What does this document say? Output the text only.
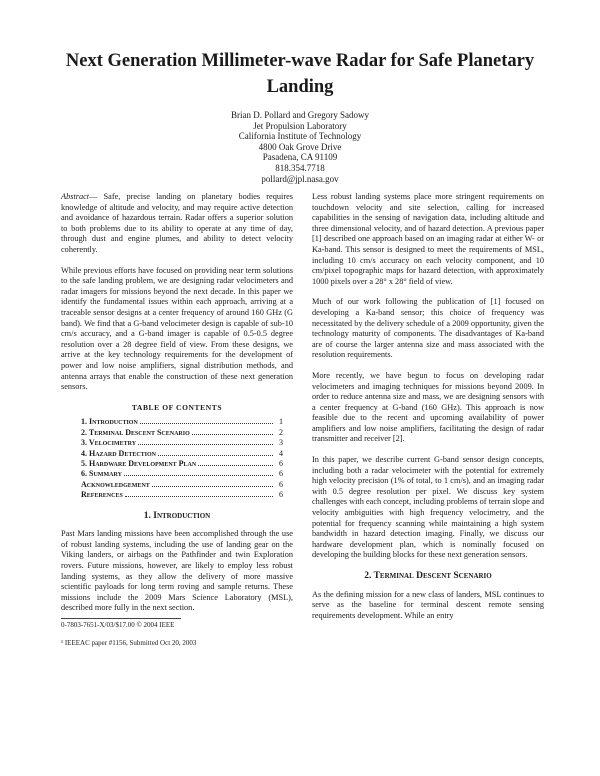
Next Generation Millimeter-wave Radar for Safe Planetary Landing
Brian D. Pollard and Gregory Sadowy
Jet Propulsion Laboratory
California Institute of Technology
4800 Oak Grove Drive
Pasadena, CA 91109
818.354.7718
pollard@jpl.nasa.gov

Abstract— Safe, precise landing on planetary bodies requires knowledge of altitude and velocity, and may require active detection and avoidance of hazardous terrain. Radar offers a superior solution to both problems due to its ability to operate at any time of day, through dust and engine plumes, and ability to detect velocity coherently.

While previous efforts have focused on providing near term solutions to the safe landing problem, we are designing radar velocimeters and radar imagers for missions beyond the next decade. In this paper we identify the fundamental issues within each approach, arriving at a traceable sensor designs at a center frequency of around 160 GHz (G band). We find that a G-band velocimeter design is capable of sub-10 cm/s accuracy, and a G-band imager is capable of 0.5-0.5 degree resolution over a 28 degree field of view. From these designs, we arrive at the key technology requirements for the development of power and low noise amplifiers, signal distribution methods, and antenna arrays that enable the construction of these next generation sensors.

TABLE OF CONTENTS
1. Introduction	1
2. Terminal Descent Scenario	2
3. Velocimetry	3
4. Hazard Detection	4
5. Hardware Development Plan	6
6. Summary	6
Acknowledgement	6
References	6
1. Introduction

Past Mars landing missions have been accomplished through the use of robust landing systems, including the use of landing gear on the Viking landers, or airbags on the Pathfinder and twin Exploration rovers. Future missions, however, are likely to employ less robust landing systems, as they allow the delivery of more massive scientific payloads for long term roving and sample returns. These missions include the 2009 Mars Science Laboratory (MSL), described more fully in the next section.

0-7803-7651-X/03/$17.00 © 2004 IEEE

¹ IEEEAC paper #1156, Submitted Oct 20, 2003

Less robust landing systems place more stringent requirements on touchdown velocity and site selection, calling for increased capabilities in the sensing of navigation data, including altitude and three dimensional velocity, and of hazard detection. A previous paper [1] described one approach based on an imaging radar at either W- or Ka-band. This sensor is designed to meet the requirements of MSL, including 10 cm/s accuracy on each velocity component, and 10 cm/pixel topographic maps for hazard detection, with approximately 1000 pixels over a 28° x 28° field of view.

Much of our work following the publication of [1] focused on developing a Ka-band sensor; this choice of frequency was necessitated by the delivery schedule of a 2009 opportunity, given the technology maturity of components. The disadvantages of Ka-band are of course the larger antenna size and mass associated with the resolution requirements.

More recently, we have begun to focus on developing radar velocimeters and imaging techniques for missions beyond 2009. In order to reduce antenna size and mass, we are designing sensors with a center frequency at G-band (160 GHz). This approach is now feasible due to the recent and upcoming availability of power amplifiers and low noise amplifiers, facilitating the design of radar transmitter and receiver [2].

In this paper, we describe current G-band sensor design concepts, including both a radar velocimeter with the potential for extremely high velocity precision (1% of total, to 1 cm/s), and an imaging radar with 0.5 degree resolution per pixel. We discuss key system challenges with each concept, including problems of terrain slope and velocity ambiguities with high frequency velocimetry, and the potential for frequency scanning while maintaining a high system bandwidth in hazard detection imaging. Finally, we discuss our hardware development plan, which is nominally focused on developing the building blocks for these next generation sensors.

2. Terminal Descent Scenario

As the defining mission for a new class of landers, MSL continues to serve as the baseline for terminal descent remote sensing requirements development. While an entry
